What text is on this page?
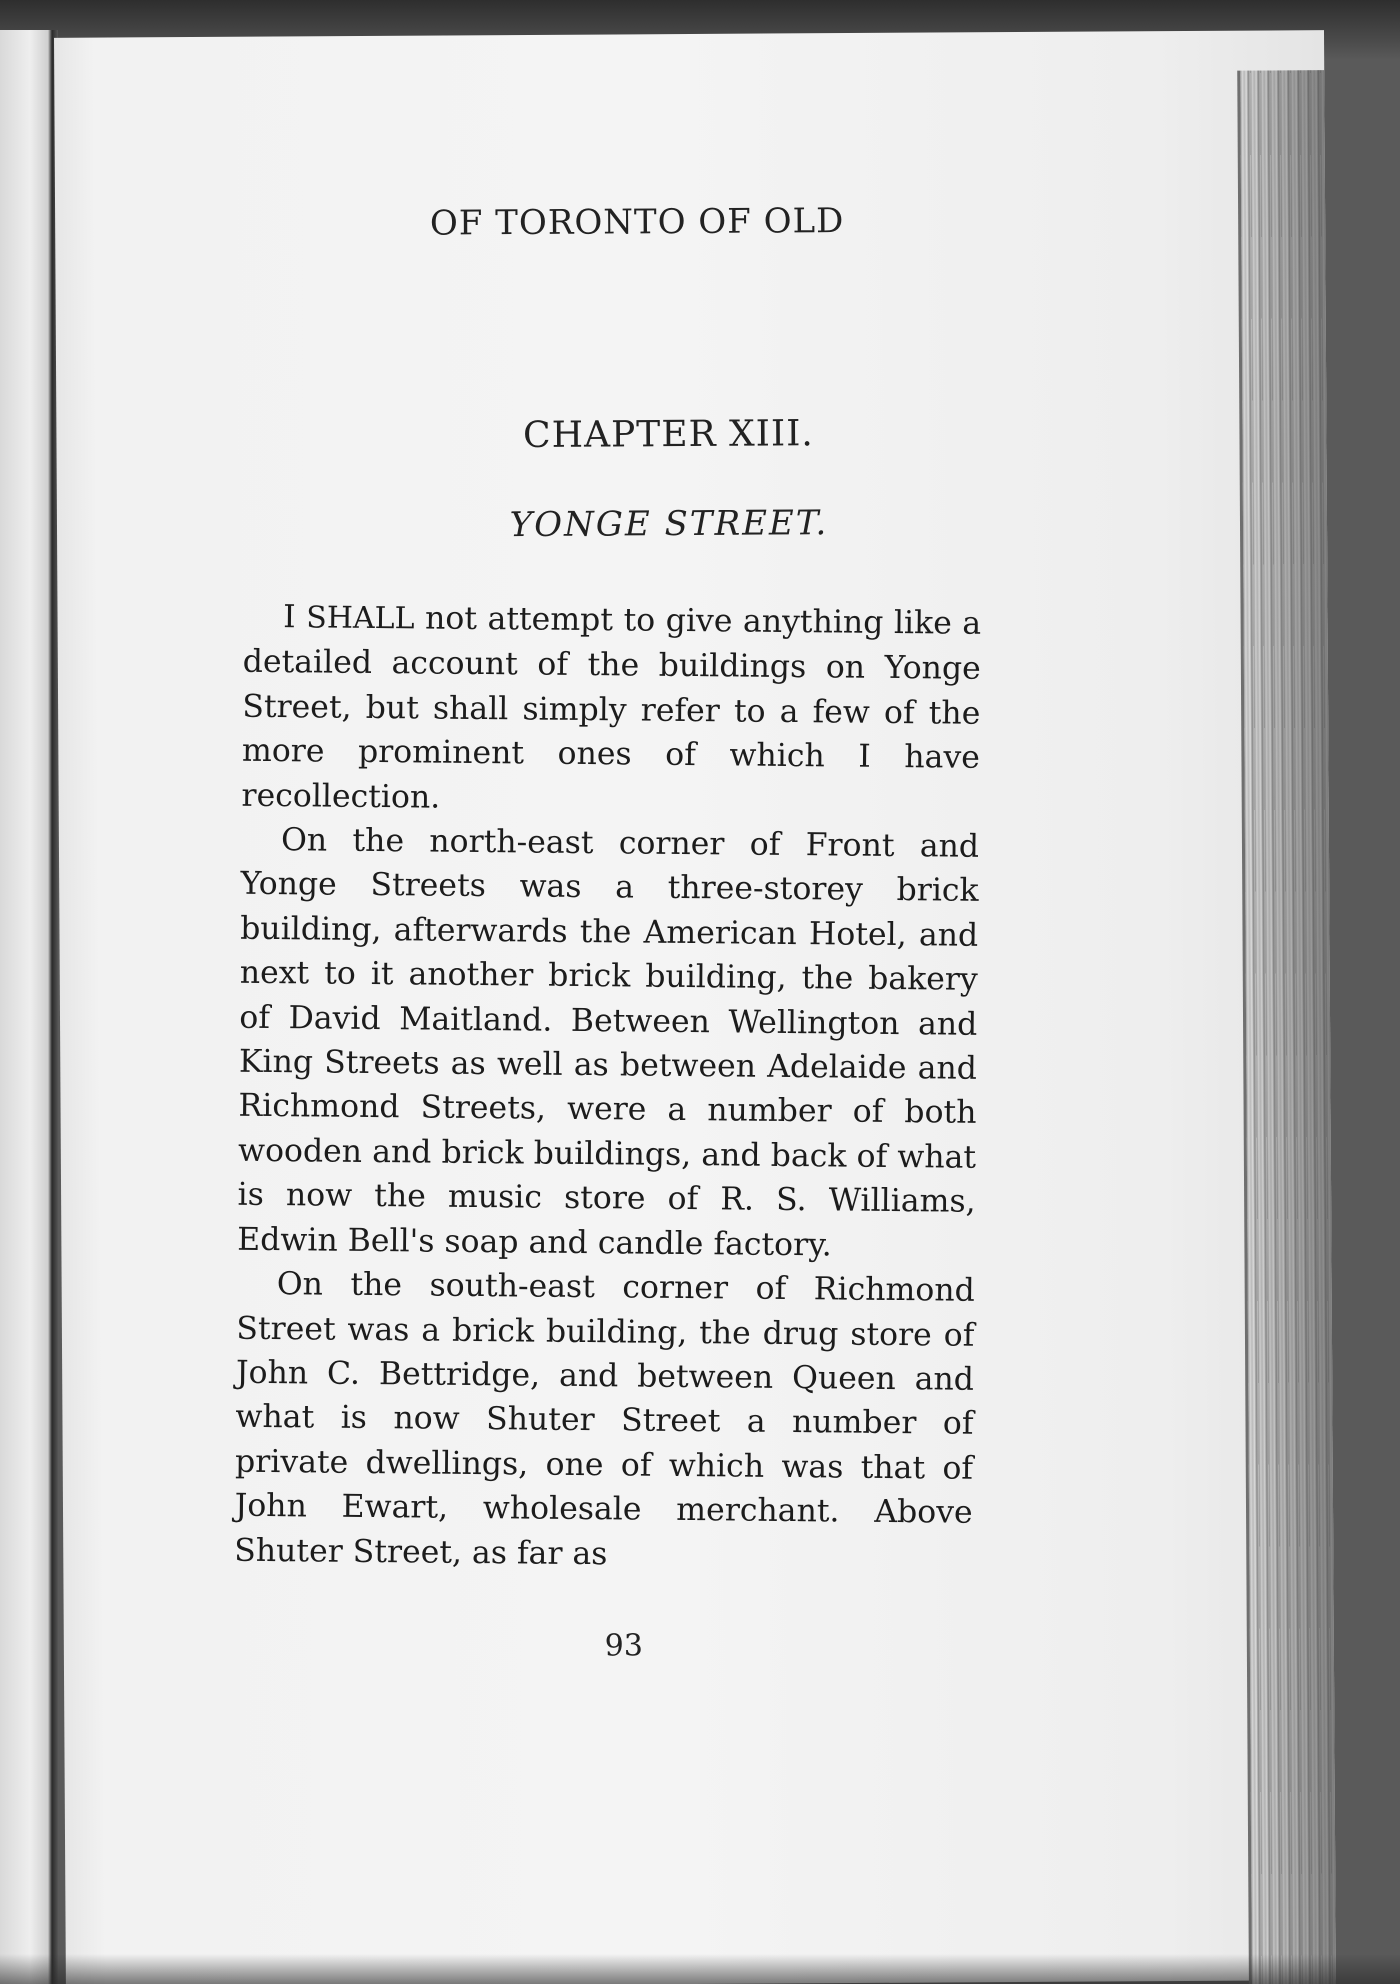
OF TORONTO OF OLD
CHAPTER XIII.
YONGE STREET.

I SHALL not attempt to give anything like a detailed account of the buildings on Yonge Street, but shall simply refer to a few of the more prominent ones of which I have recollection.

On the north-east corner of Front and Yonge Streets was a three-storey brick building, afterwards the American Hotel, and next to it another brick building, the bakery of David Maitland. Between Wellington and King Streets as well as between Adelaide and Richmond Streets, were a number of both wooden and brick buildings, and back of what is now the music store of R. S. Williams, Edwin Bell's soap and candle factory.

On the south-east corner of Richmond Street was a brick building, the drug store of John C. Bettridge, and between Queen and what is now Shuter Street a number of private dwellings, one of which was that of John Ewart, wholesale merchant. Above Shuter Street, as far as

93
